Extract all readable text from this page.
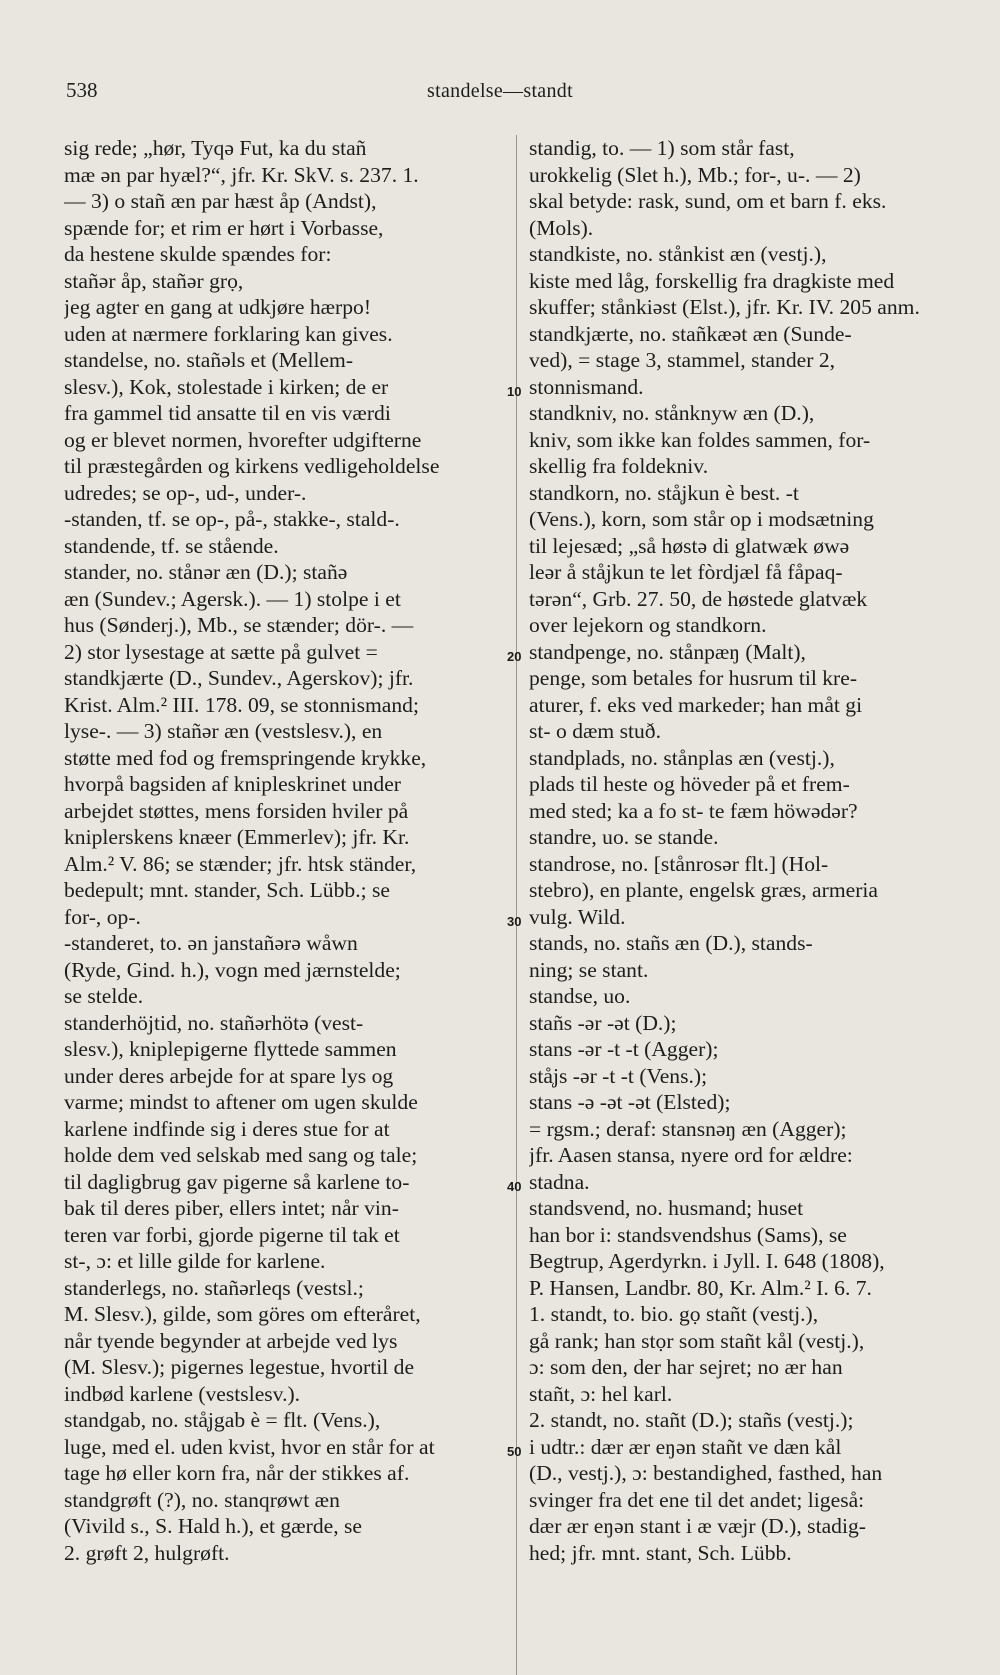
538	standelse—standt
sig rede; „hør, Tyqə Fut, ka du stañ
mæ ən par hyæl?“, jfr. Kr. SkV. s. 237. 1.
— 3) o stañ æn par hæst åp (Andst),
spænde for; et rim er hørt i Vorbasse,
da hestene skulde spændes for:
stañər åp, stañər grọ,
jeg agter en gang at udkjøre hærpo!
uden at nærmere forklaring kan gives.
standelse, no. stañəls et (Mellem-
slesv.), Kok, stolestade i kirken; de er
fra gammel tid ansatte til en vis værdi
og er blevet normen, hvorefter udgifterne
til præstegården og kirkens vedligeholdelse
udredes; se op-, ud-, under-.
-standen, tf. se op-, på-, stakke-, stald-.
standende, tf. se stående.
stander, no. stånər æn (D.); stañə
æn (Sundev.; Agersk.). — 1) stolpe i et
hus (Sønderj.), Mb., se stænder; dör-. —
2) stor lysestage at sætte på gulvet =
standkjærte (D., Sundev., Agerskov); jfr.
Krist. Alm.² III. 178. 09, se stonnismand;
lyse-. — 3) stañər æn (vestslesv.), en
støtte med fod og fremspringende krykke,
hvorpå bagsiden af knipleskrinet under
arbejdet støttes, mens forsiden hviler på
kniplerskens knæer (Emmerlev); jfr. Kr.
Alm.² V. 86; se stænder; jfr. htsk ständer,
bedepult; mnt. stander, Sch. Lübb.; se
for-, op-.
-standeret, to. ən janstañərə wåwn
(Ryde, Gind. h.), vogn med jærnstelde;
se stelde.
standerhöjtid, no. stañərhötə (vest-
slesv.), kniplepigerne flyttede sammen
under deres arbejde for at spare lys og
varme; mindst to aftener om ugen skulde
karlene indfinde sig i deres stue for at
holde dem ved selskab med sang og tale;
til dagligbrug gav pigerne så karlene to-
bak til deres piber, ellers intet; når vin-
teren var forbi, gjorde pigerne til tak et
st-, ɔ: et lille gilde for karlene.
standerlegs, no. stañərleqs (vestsl.;
M. Slesv.), gilde, som göres om efteråret,
når tyende begynder at arbejde ved lys
(M. Slesv.); pigernes legestue, hvortil de
indbød karlene (vestslesv.).
standgab, no. stå̜jgab è = flt. (Vens.),
luge, med el. uden kvist, hvor en står for at
tage hø eller korn fra, når der stikkes af.
standgrøft (?), no. stanqrøwt æn
(Vivild s., S. Hald h.), et gærde, se
2. grøft 2, hulgrøft.
standig, to. — 1) som står fast,
urokkelig (Slet h.), Mb.; for-, u-. — 2)
skal betyde: rask, sund, om et barn f. eks.
(Mols).
standkiste, no. stånkist æn (vestj.),
kiste med låg, forskellig fra dragkiste med
skuffer; stånkiəst (Elst.), jfr. Kr. IV. 205 anm.
standkjærte, no. stañkæət æn (Sunde-
ved), = stage 3, stammel, stander 2,
stonnismand.
standkniv, no. stånknyw æn (D.),
kniv, som ikke kan foldes sammen, for-
skellig fra foldekniv.
standkorn, no. stå̜jkun è best. -t
(Vens.), korn, som står op i modsætning
til lejesæd; „så høstə di glatwæk øwə
leər å stå̜jkun te let fòrdjæl få fåpaq-
tərən“, Grb. 27. 50, de høstede glatvæk
over lejekorn og standkorn.
standpenge, no. stånpæŋ (Malt),
penge, som betales for husrum til kre-
aturer, f. eks ved markeder; han måt gi
st- o dæm stuð.
standplads, no. stånplas æn (vestj.),
plads til heste og höveder på et frem-
med sted; ka a fo st- te fæm höwədər?
standre, uo. se stande.
standrose, no. [stånrosər flt.] (Hol-
stebro), en plante, engelsk græs, armeria
vulg. Wild.
stands, no. stañs æn (D.), stands-
ning; se stant.
standse, uo.
stañs -ər -ət (D.);
stans -ər -t -t (Agger);
stå̜js -ər -t -t (Vens.);
stans -ə -ət -ət (Elsted);
= rgsm.; deraf: stansnəŋ æn (Agger);
jfr. Aasen stansa, nyere ord for ældre:
stadna.
standsvend, no. husmand; huset
han bor i: standsvendshus (Sams), se
Begtrup, Agerdyrkn. i Jyll. I. 648 (1808),
P. Hansen, Landbr. 80, Kr. Alm.² I. 6. 7.
1. standt, to. bio. gọ stañt (vestj.),
gå rank; han stọr som stañt kål (vestj.),
ɔ: som den, der har sejret; no ær han
stañt, ɔ: hel karl.
2. standt, no. stañt (D.); stañs (vestj.);
i udtr.: dær ær eŋən stañt ve dæn kål
(D., vestj.), ɔ: bestandighed, fasthed, han
svinger fra det ene til det andet; ligeså:
dær ær eŋən stant i æ væjr (D.), stadig-
hed; jfr. mnt. stant, Sch. Lübb.
10
20
30
40
50
